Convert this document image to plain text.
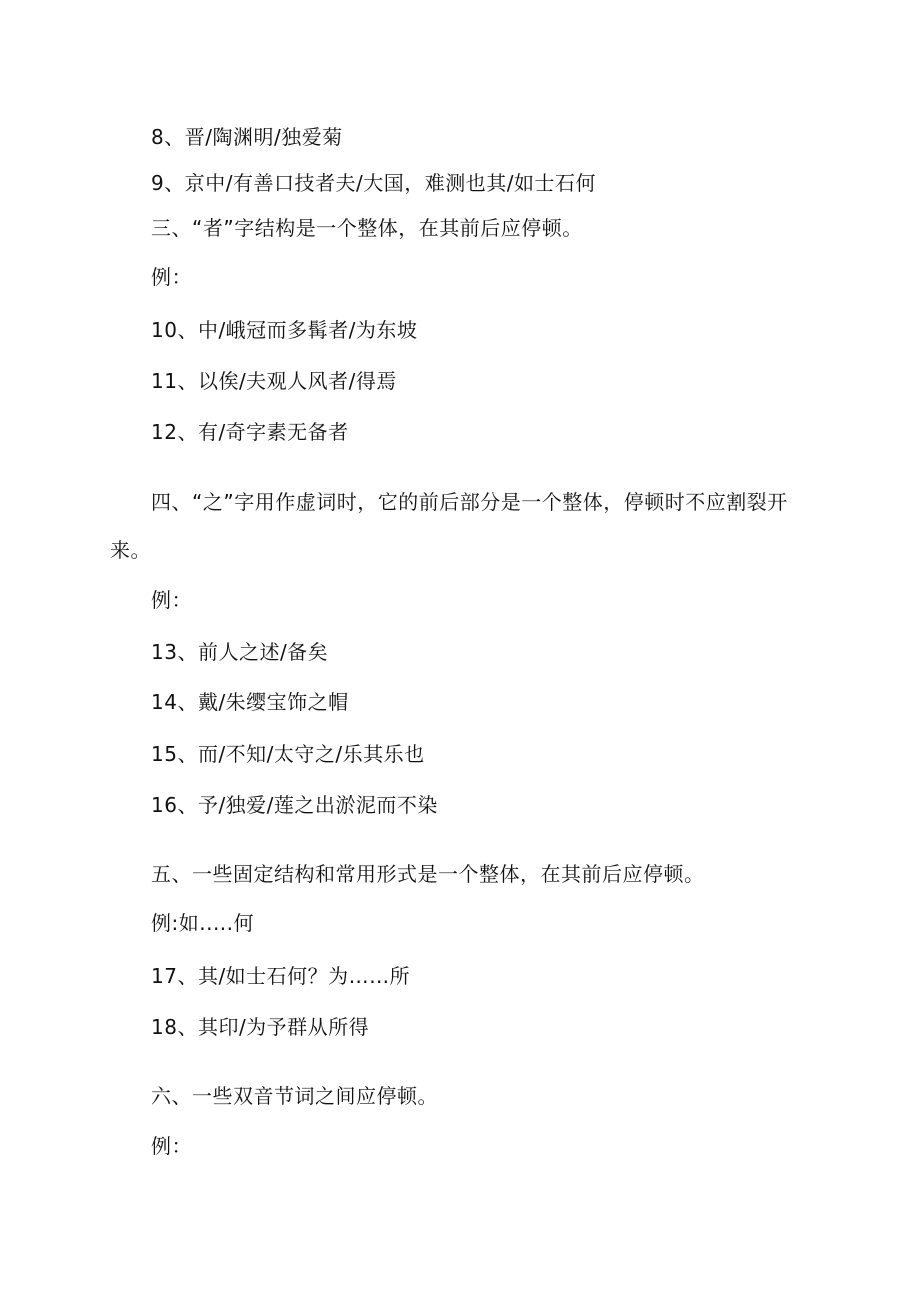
8、晋/陶渊明/独爱菊
9、京中/有善口技者夫/大国，难测也其/如士石何
三、“者”字结构是一个整体，在其前后应停顿。
例：
10、中/峨冠而多髯者/为东坡
11、以俟/夫观人风者/得焉
12、有/奇字素无备者
四、“之”字用作虚词时，它的前后部分是一个整体，停顿时不应割裂开
来。
例：
13、前人之述/备矣
14、戴/朱缨宝饰之帽
15、而/不知/太守之/乐其乐也
16、予/独爱/莲之出淤泥而不染
五、一些固定结构和常用形式是一个整体，在其前后应停顿。
例:如.....何
17、其/如士石何？为……所
18、其印/为予群从所得
六、一些双音节词之间应停顿。
例：
